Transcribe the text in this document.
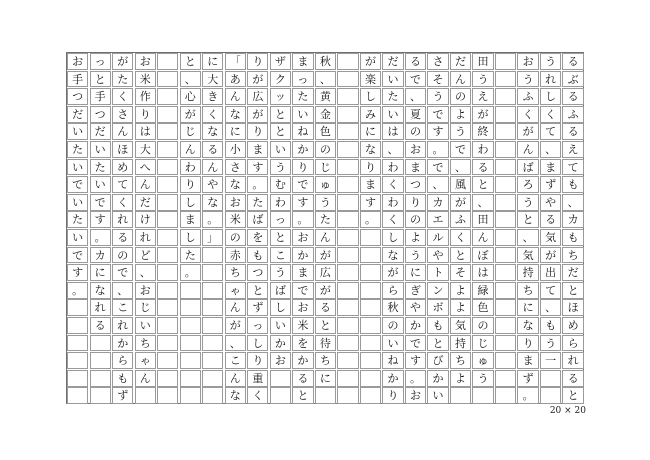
る
ぶ
る
ふ
る
え
て
も
、
カ
も
ち
だ
と
ほ
め
ら
れ
る
と
う
れ
し
く
て
、
ま
ず
や
る
気
が
出
て
、
も
う
一
お
う
ふ
く
が
ん
ば
ろ
う
と
、
気
持
ち
に
な
り
ま
ず
。
田
う
え
が
終
わ
る
と
、
田
ん
ぼ
は
緑
色
の
じ
ゅ
う
だ
ん
の
よ
う
で
、
風
が
ふ
く
と
そ
よ
よ
気
持
ち
よ
さ
そ
う
で
す
。
で
、
カ
エ
ル
や
ト
ン
ボ
も
と
び
か
い
る
で
、
夏
の
お
ま
つ
り
の
よ
う
に
ぎ
や
か
で
す
。
お
だ
い
た
い
は
、
わ
く
わ
く
し
な
が
ら
秋
の
い
ね
か
り
が
楽
し
み
に
な
り
ま
す
。
秋
、
黄
金
色
の
じ
ゅ
う
た
ん
が
広
が
る
と
待
ち
に
ま
っ
た
い
ね
か
り
で
す
。
お
か
ま
で
お
米
を
か
る
と
ザ
ク
ッ
と
と
い
う
む
わ
っ
と
こ
う
ば
し
い
か
お
り
が
広
が
り
ま
す
。
た
ば
を
も
つ
と
ず
っ
し
り
重
く
「
あ
ん
な
に
小
さ
な
お
米
の
赤
ち
ゃ
ん
が
、
こ
ん
な
に
大
き
く
な
る
ん
や
な
。
」
と
、
心
が
じ
ん
わ
り
し
ま
し
た
。
お
米
作
り
は
大
へ
ん
だ
け
れ
ど
、
お
じ
い
ち
ゃ
ん
が
た
く
さ
ん
ほ
め
て
く
れ
る
の
で
、
こ
れ
か
ら
も
ず
っ
と
手
つ
だ
い
た
い
で
す
。
カ
に
な
れ
る
お
手
つ
だ
い
た
い
で
い
た
い
で
す
。
20 × 20
